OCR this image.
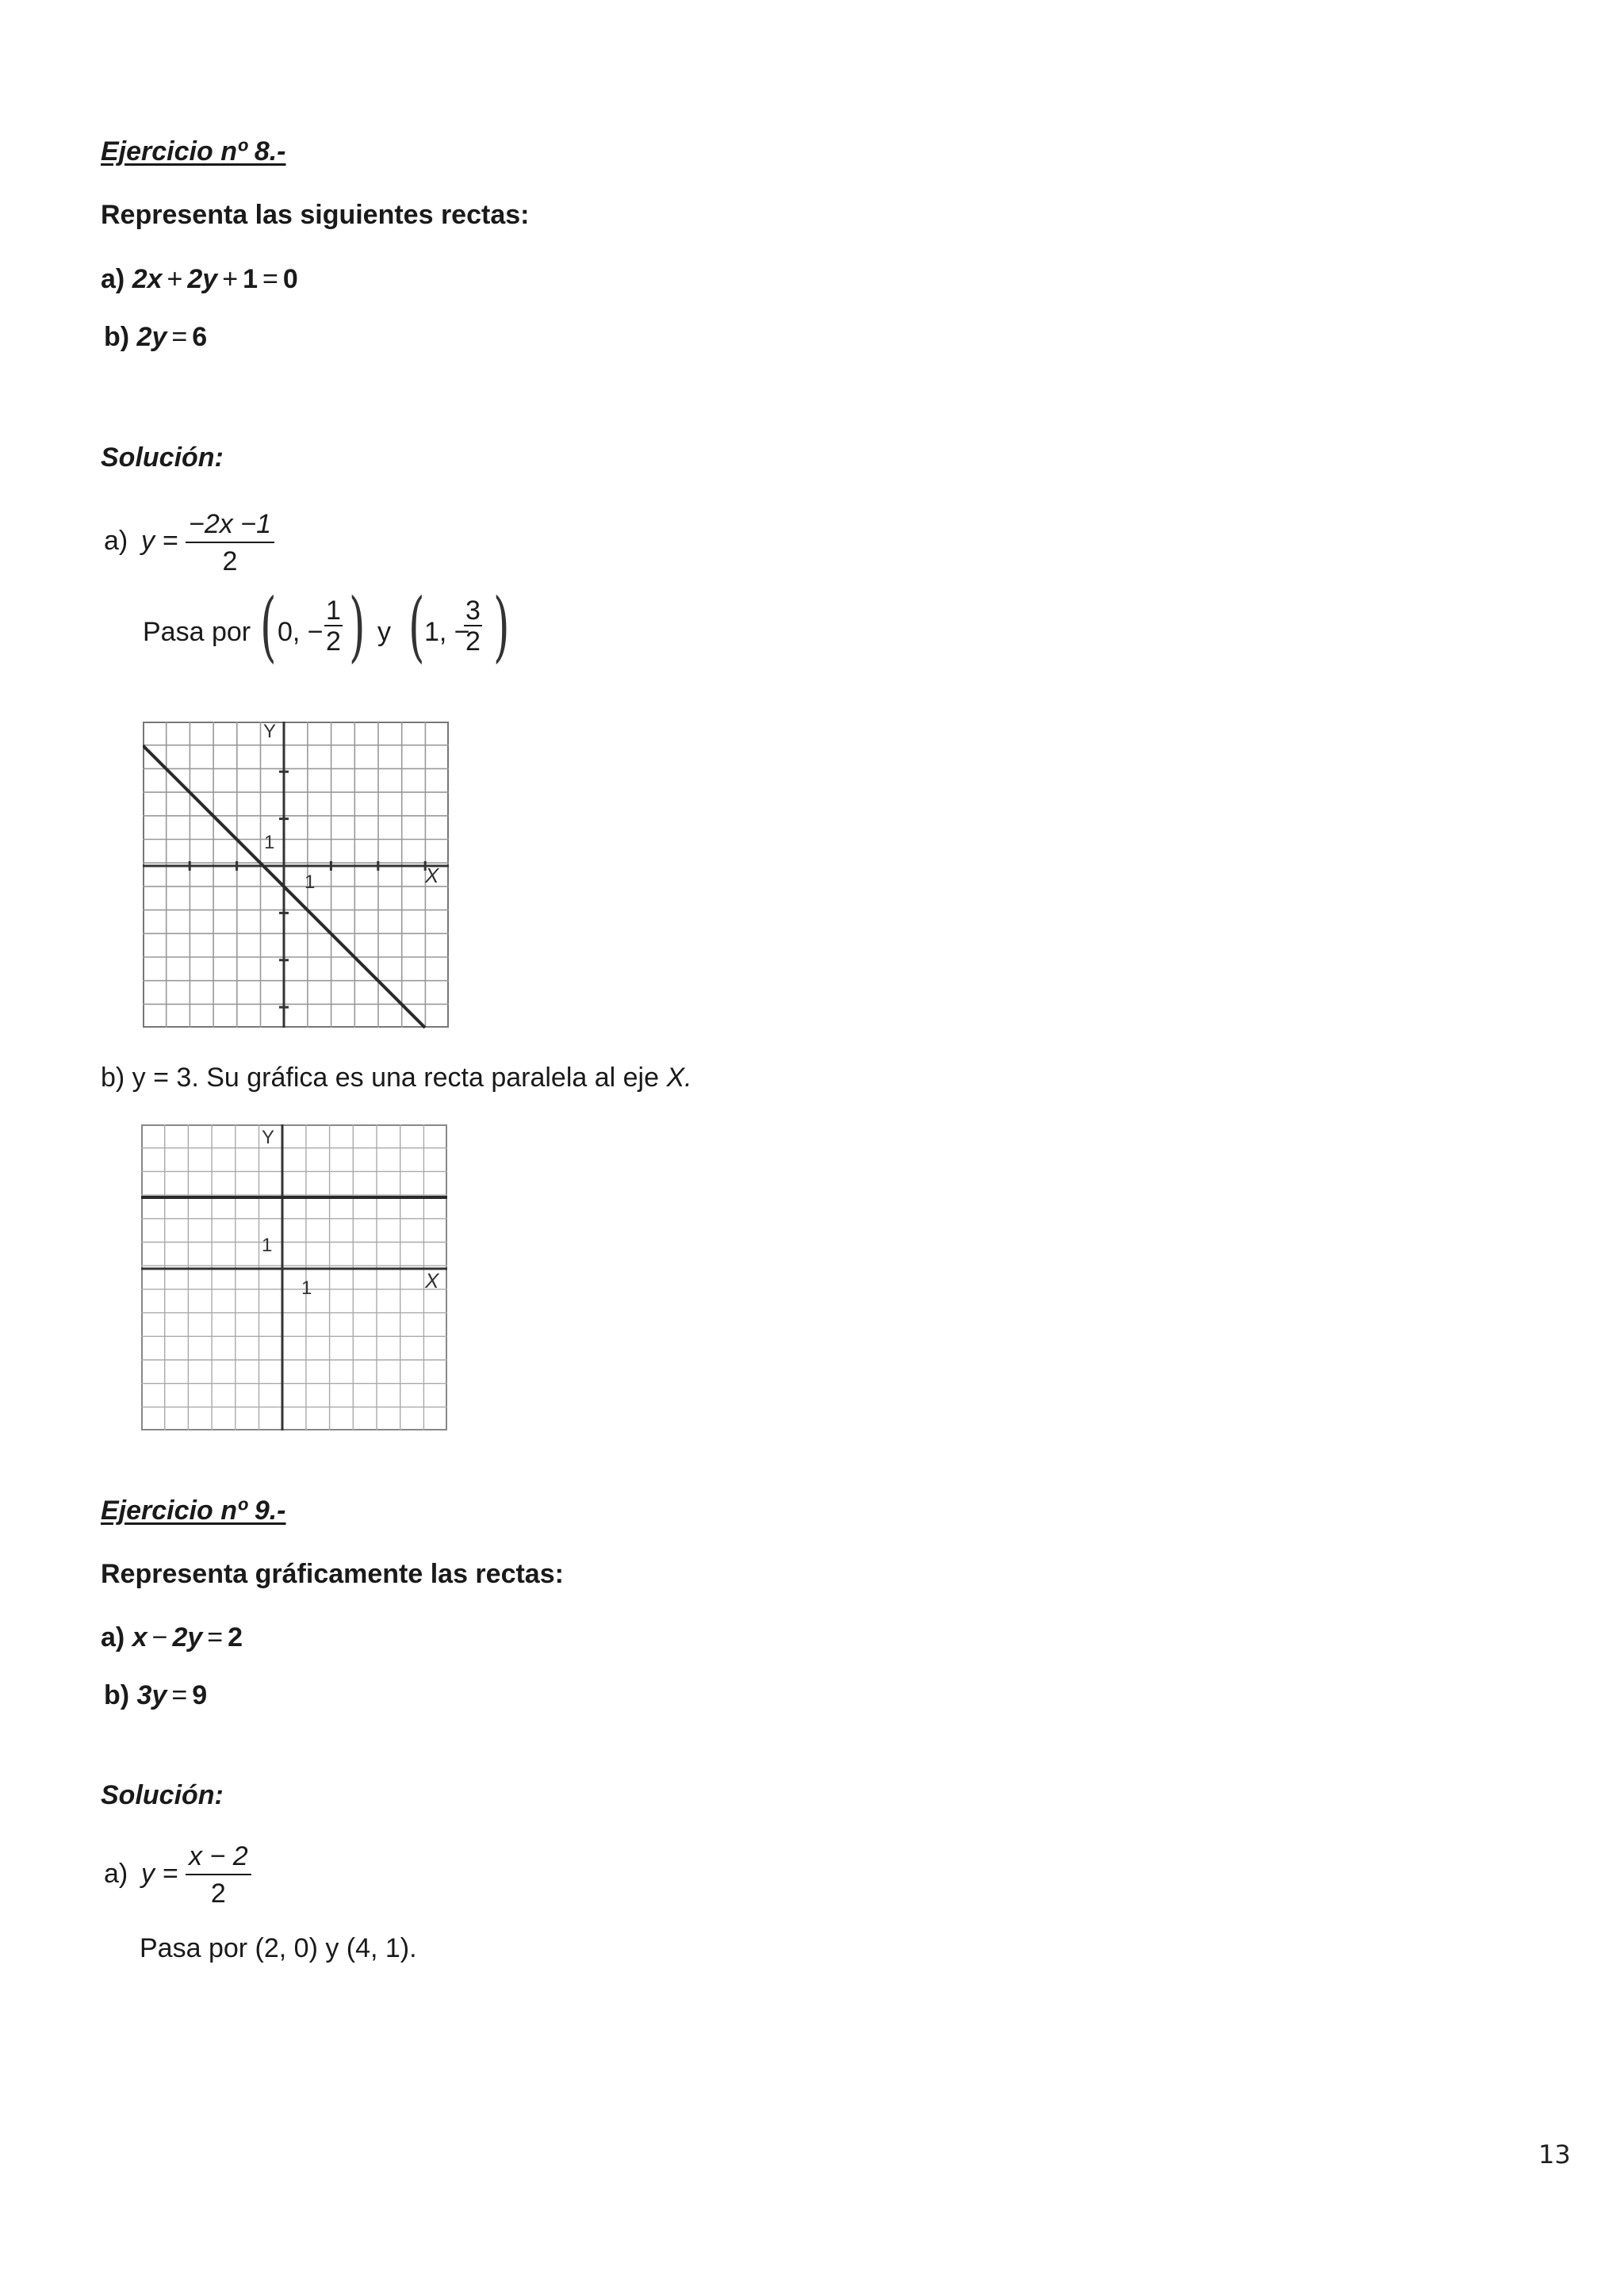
Ejercicio nº 8.-
Representa las siguientes rectas:
a) 2x + 2y + 1 = 0
b) 2y = 6
Solución:
a) $y = \frac{-2x -1}{2}$
Pasa por ( 0, − $\frac{1}{2}$ ) y ( 1, −
$\frac{3}{2}$ )
Y
X
1
1
b) y = 3. Su gráfica es una recta paralela al eje X.
Y
X
1
1
Ejercicio nº 9.-
Representa gráficamente las rectas:
a) x − 2y = 2
b) 3y = 9
Solución:
a) $y = \frac{x - 2}{2}$
Pasa por (2, 0) y (4, 1).
13
